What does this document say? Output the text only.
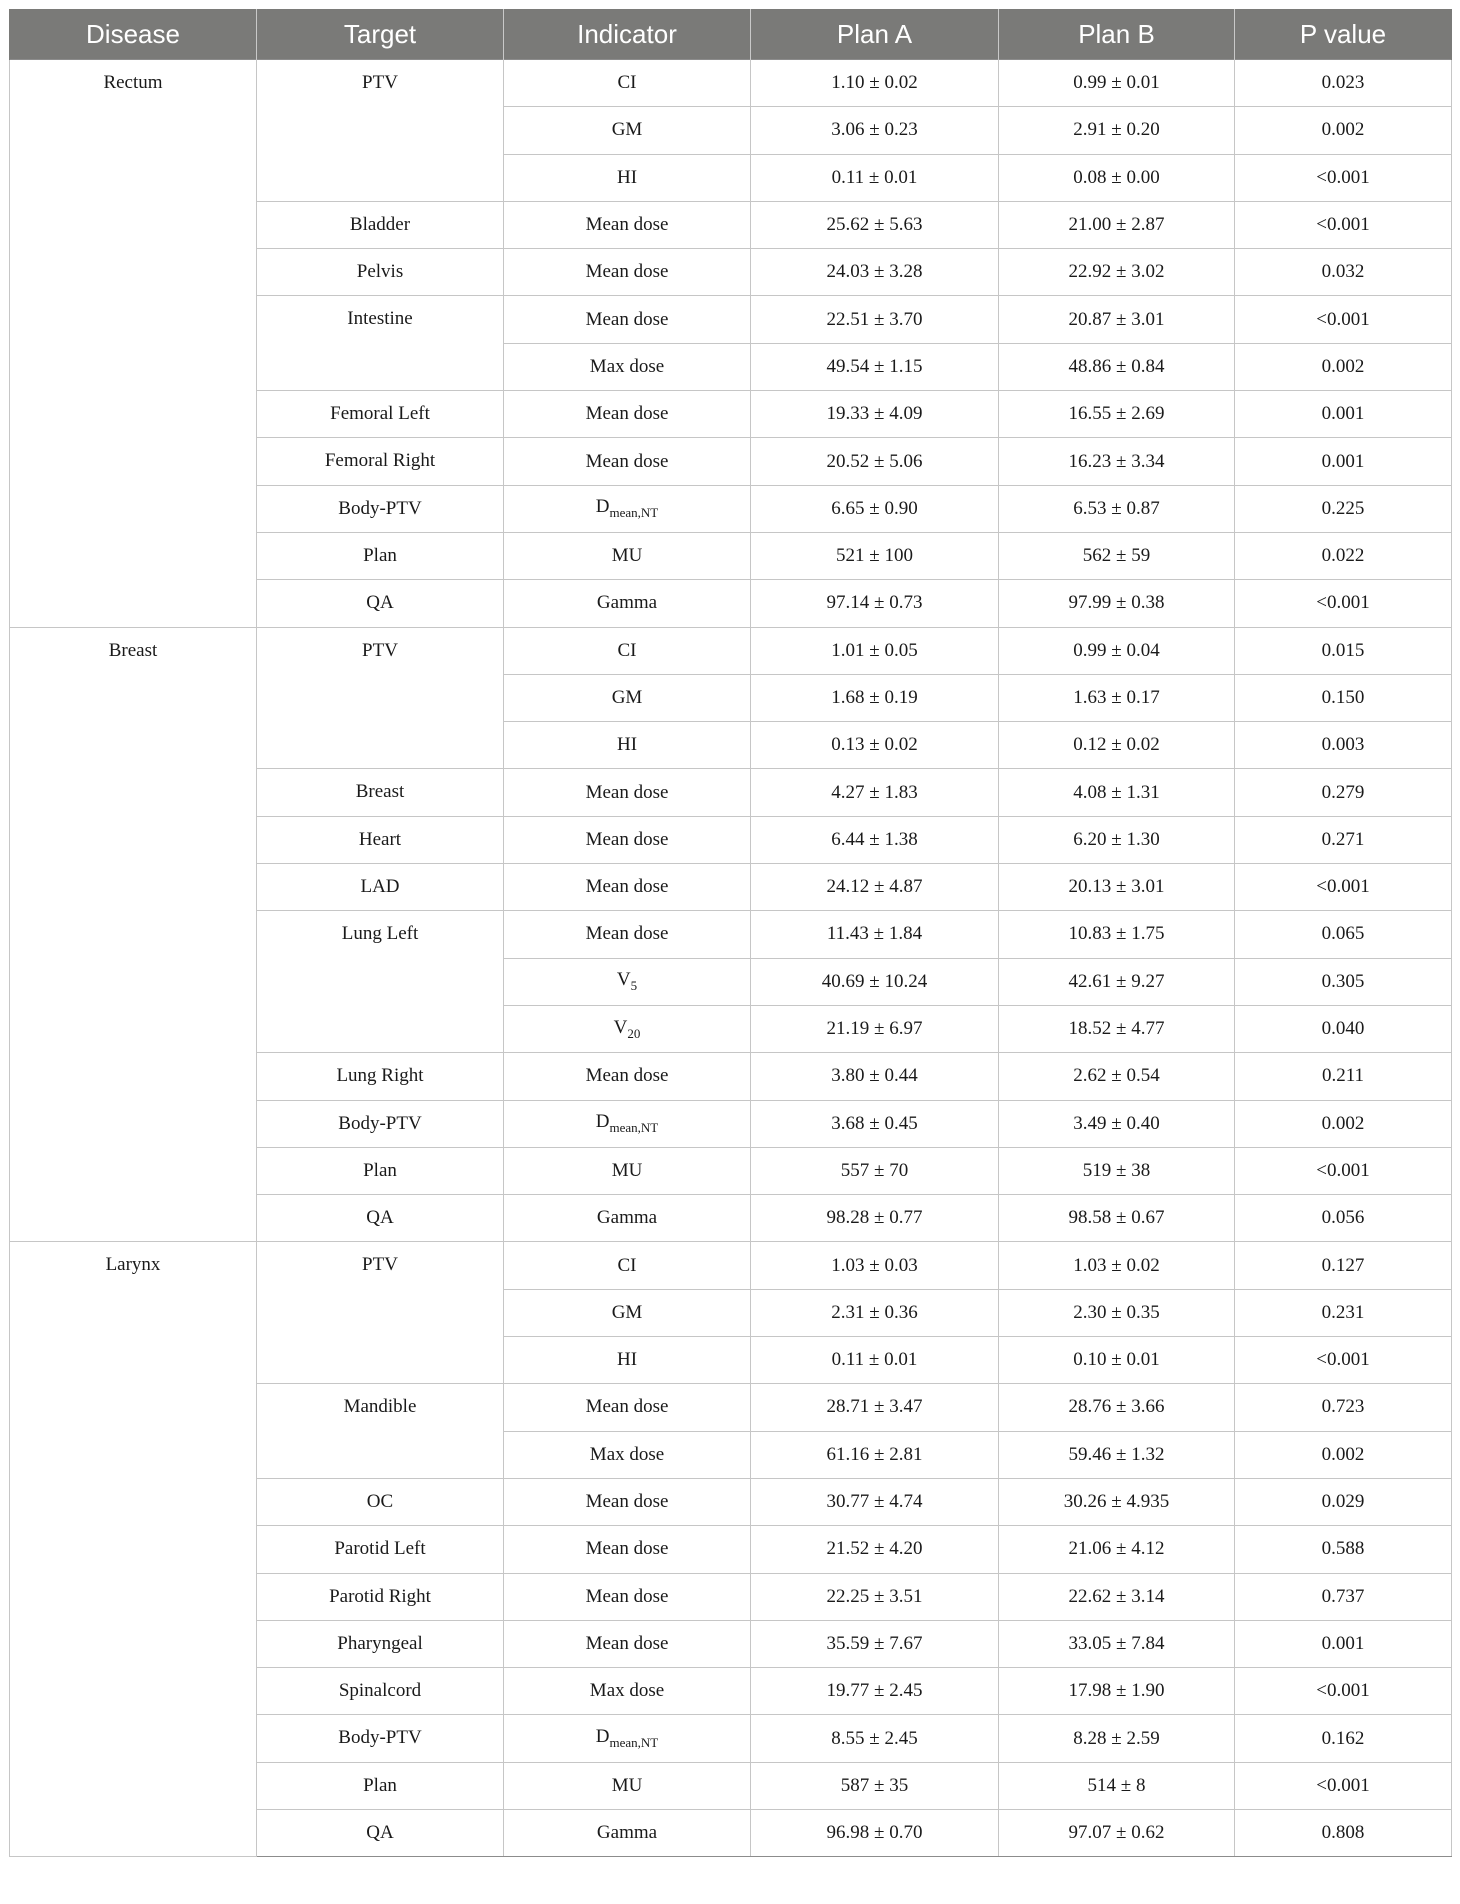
Disease	Target	Indicator	Plan A	Plan B	P value
Rectum	PTV	CI	1.10 ± 0.02	0.99 ± 0.01	0.023
		GM	3.06 ± 0.23	2.91 ± 0.20	0.002
		HI	0.11 ± 0.01	0.08 ± 0.00	<0.001
	Bladder	Mean dose	25.62 ± 5.63	21.00 ± 2.87	<0.001
	Pelvis	Mean dose	24.03 ± 3.28	22.92 ± 3.02	0.032
	Intestine	Mean dose	22.51 ± 3.70	20.87 ± 3.01	<0.001
		Max dose	49.54 ± 1.15	48.86 ± 0.84	0.002
	Femoral Left	Mean dose	19.33 ± 4.09	16.55 ± 2.69	0.001
	Femoral Right	Mean dose	20.52 ± 5.06	16.23 ± 3.34	0.001
	Body-PTV	$D_{mean,NT}$	6.65 ± 0.90	6.53 ± 0.87	0.225
	Plan	MU	521 ± 100	562 ± 59	0.022
	QA	Gamma	97.14 ± 0.73	97.99 ± 0.38	<0.001
Breast	PTV	CI	1.01 ± 0.05	0.99 ± 0.04	0.015
		GM	1.68 ± 0.19	1.63 ± 0.17	0.150
		HI	0.13 ± 0.02	0.12 ± 0.02	0.003
	Breast	Mean dose	4.27 ± 1.83	4.08 ± 1.31	0.279
	Heart	Mean dose	6.44 ± 1.38	6.20 ± 1.30	0.271
	LAD	Mean dose	24.12 ± 4.87	20.13 ± 3.01	<0.001
	Lung Left	Mean dose	11.43 ± 1.84	10.83 ± 1.75	0.065
		$V_5$	40.69 ± 10.24	42.61 ± 9.27	0.305
		$V_{20}$	21.19 ± 6.97	18.52 ± 4.77	0.040
	Lung Right	Mean dose	3.80 ± 0.44	2.62 ± 0.54	0.211
	Body-PTV	$D_{mean,NT}$	3.68 ± 0.45	3.49 ± 0.40	0.002
	Plan	MU	557 ± 70	519 ± 38	<0.001
	QA	Gamma	98.28 ± 0.77	98.58 ± 0.67	0.056
Larynx	PTV	CI	1.03 ± 0.03	1.03 ± 0.02	0.127
		GM	2.31 ± 0.36	2.30 ± 0.35	0.231
		HI	0.11 ± 0.01	0.10 ± 0.01	<0.001
	Mandible	Mean dose	28.71 ± 3.47	28.76 ± 3.66	0.723
		Max dose	61.16 ± 2.81	59.46 ± 1.32	0.002
	OC	Mean dose	30.77 ± 4.74	30.26 ± 4.935	0.029
	Parotid Left	Mean dose	21.52 ± 4.20	21.06 ± 4.12	0.588
	Parotid Right	Mean dose	22.25 ± 3.51	22.62 ± 3.14	0.737
	Pharyngeal	Mean dose	35.59 ± 7.67	33.05 ± 7.84	0.001
	Spinalcord	Max dose	19.77 ± 2.45	17.98 ± 1.90	<0.001
	Body-PTV	$D_{mean,NT}$	8.55 ± 2.45	8.28 ± 2.59	0.162
	Plan	MU	587 ± 35	514 ± 8	<0.001
	QA	Gamma	96.98 ± 0.70	97.07 ± 0.62	0.808
